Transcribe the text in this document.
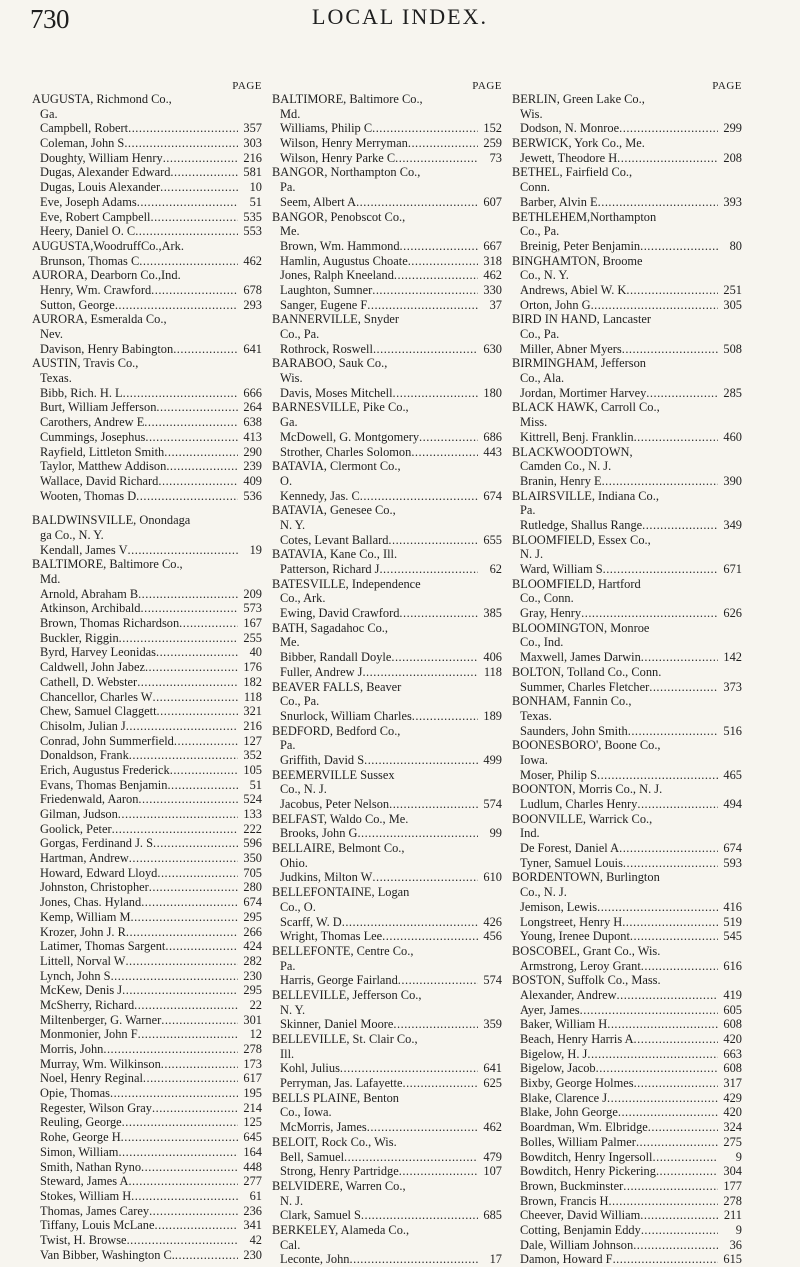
730	LOCAL INDEX.
PAGE
AUGUSTA, Richmond Co.,
Ga.
Campbell, Robert .....	357
Coleman, John S .....	303
Doughty, William Henry .....	216
Dugas, Alexander Edward .....	581
Dugas, Louis Alexander .....	10
Eve, Joseph Adams .....	51
Eve, Robert Campbell .....	535
Heery, Daniel O. C .....	553
AUGUSTA,WoodruffCo.,Ark.
Brunson, Thomas C .....	462
AURORA, Dearborn Co.,Ind.
Henry, Wm. Crawford .....	678
Sutton, George .....	293
AURORA, Esmeralda Co.,
Nev.
Davison, Henry Babington .....	641
AUSTIN, Travis Co.,
Texas.
Bibb, Rich. H. L .....	666
Burt, William Jefferson .....	264
Carothers, Andrew E .....	638
Cummings, Josephus .....	413
Rayfield, Littleton Smith .....	290
Taylor, Matthew Addison .....	239
Wallace, David Richard .....	409
Wooten, Thomas D .....	536
BALDWINSVILLE, Onondaga
ga Co., N. Y.
Kendall, James V .....	19
BALTIMORE, Baltimore Co.,
Md.
Arnold, Abraham B .....	209
Atkinson, Archibald .....	573
Brown, Thomas Richardson .....	167
Buckler, Riggin .....	255
Byrd, Harvey Leonidas .....	40
Caldwell, John Jabez .....	176
Cathell, D. Webster .....	182
Chancellor, Charles W .....	118
Chew, Samuel Claggett .....	321
Chisolm, Julian J .....	216
Conrad, John Summerfield .....	127
Donaldson, Frank .....	352
Erich, Augustus Frederick .....	105
Evans, Thomas Benjamin .....	51
Friedenwald, Aaron .....	524
Gilman, Judson .....	133
Goolick, Peter .....	222
Gorgas, Ferdinand J. S .....	596
Hartman, Andrew .....	350
Howard, Edward Lloyd .....	705
Johnston, Christopher .....	280
Jones, Chas. Hyland .....	674
Kemp, William M .....	295
Krozer, John J. R .....	266
Latimer, Thomas Sargent .....	424
Littell, Norval W .....	282
Lynch, John S .....	230
McKew, Denis J .....	295
McSherry, Richard .....	22
Miltenberger, G. Warner .....	301
Monmonier, John F .....	12
Morris, John .....	278
Murray, Wm. Wilkinson .....	173
Noel, Henry Reginal .....	617
Opie, Thomas .....	195
Regester, Wilson Gray .....	214
Reuling, George .....	125
Rohe, George H .....	645
Simon, William .....	164
Smith, Nathan Ryno .....	448
Steward, James A .....	277
Stokes, William H .....	61
Thomas, James Carey .....	236
Tiffany, Louis McLane .....	341
Twist, H. Browse .....	42
Van Bibber, Washington C. .....	230
PAGE
BALTIMORE, Baltimore Co.,
Md.
Williams, Philip C .....	152
Wilson, Henry Merryman .....	259
Wilson, Henry Parke C .....	73
BANGOR, Northampton Co.,
Pa.
Seem, Albert A .....	607
BANGOR, Penobscot Co.,
Me.
Brown, Wm. Hammond .....	667
Hamlin, Augustus Choate .....	318
Jones, Ralph Kneeland .....	462
Laughton, Sumner .....	330
Sanger, Eugene F .....	37
BANNERVILLE, Snyder
Co., Pa.
Rothrock, Roswell .....	630
BARABOO, Sauk Co.,
Wis.
Davis, Moses Mitchell .....	180
BARNESVILLE, Pike Co.,
Ga.
McDowell, G. Montgomery .....	686
Strother, Charles Solomon .....	443
BATAVIA, Clermont Co.,
O.
Kennedy, Jas. C .....	674
BATAVIA, Genesee Co.,
N. Y.
Cotes, Levant Ballard .....	655
BATAVIA, Kane Co., Ill.
Patterson, Richard J .....	62
BATESVILLE, Independence
Co., Ark.
Ewing, David Crawford .....	385
BATH, Sagadahoc Co.,
Me.
Bibber, Randall Doyle .....	406
Fuller, Andrew J .....	118
BEAVER FALLS, Beaver
Co., Pa.
Snurlock, William Charles .....	189
BEDFORD, Bedford Co.,
Pa.
Griffith, David S .....	499
BEEMERVILLE Sussex
Co., N. J.
Jacobus, Peter Nelson .....	574
BELFAST, Waldo Co., Me.
Brooks, John G .....	99
BELLAIRE, Belmont Co.,
Ohio.
Judkins, Milton W .....	610
BELLEFONTAINE, Logan
Co., O.
Scarff, W. D .....	426
Wright, Thomas Lee .....	456
BELLEFONTE, Centre Co.,
Pa.
Harris, George Fairland .....	574
BELLEVILLE, Jefferson Co.,
N. Y.
Skinner, Daniel Moore .....	359
BELLEVILLE, St. Clair Co.,
Ill.
Kohl, Julius .....	641
Perryman, Jas. Lafayette .....	625
BELLS PLAINE, Benton
Co., Iowa.
McMorris, James .....	462
BELOIT, Rock Co., Wis.
Bell, Samuel .....	479
Strong, Henry Partridge .....	107
BELVIDERE, Warren Co.,
N. J.
Clark, Samuel S .....	685
BERKELEY, Alameda Co.,
Cal.
Leconte, John .....	17
PAGE
BERLIN, Green Lake Co.,
Wis.
Dodson, N. Monroe .....	299
BERWICK, York Co., Me.
Jewett, Theodore H .....	208
BETHEL, Fairfield Co.,
Conn.
Barber, Alvin E .....	393
BETHLEHEM,Northampton
Co., Pa.
Breinig, Peter Benjamin .....	80
BINGHAMTON, Broome
Co., N. Y.
Andrews, Abiel W. K .....	251
Orton, John G .....	305
BIRD IN HAND, Lancaster
Co., Pa.
Miller, Abner Myers .....	508
BIRMINGHAM, Jefferson
Co., Ala.
Jordan, Mortimer Harvey .....	285
BLACK HAWK, Carroll Co.,
Miss.
Kittrell, Benj. Franklin .....	460
BLACKWOODTOWN,
Camden Co., N. J.
Branin, Henry E .....	390
BLAIRSVILLE, Indiana Co.,
Pa.
Rutledge, Shallus Range .....	349
BLOOMFIELD, Essex Co.,
N. J.
Ward, William S .....	671
BLOOMFIELD, Hartford
Co., Conn.
Gray, Henry .....	626
BLOOMINGTON, Monroe
Co., Ind.
Maxwell, James Darwin .....	142
BOLTON, Tolland Co., Conn.
Summer, Charles Fletcher .....	373
BONHAM, Fannin Co.,
Texas.
Saunders, John Smith .....	516
BOONESBORO', Boone Co.,
Iowa.
Moser, Philip S .....	465
BOONTON, Morris Co., N. J.
Ludlum, Charles Henry .....	494
BOONVILLE, Warrick Co.,
Ind.
De Forest, Daniel A .....	674
Tyner, Samuel Louis .....	593
BORDENTOWN, Burlington
Co., N. J.
Jemison, Lewis .....	416
Longstreet, Henry H .....	519
Young, Irenee Dupont .....	545
BOSCOBEL, Grant Co., Wis.
Armstrong, Leroy Grant .....	616
BOSTON, Suffolk Co., Mass.
Alexander, Andrew .....	419
Ayer, James .....	605
Baker, William H .....	608
Beach, Henry Harris A .....	420
Bigelow, H. J .....	663
Bigelow, Jacob .....	608
Bixby, George Holmes .....	317
Blake, Clarence J .....	429
Blake, John George .....	420
Boardman, Wm. Elbridge .....	324
Bolles, William Palmer .....	275
Bowditch, Henry Ingersoll .....	9
Bowditch, Henry Pickering .....	304
Brown, Buckminster .....	177
Brown, Francis H .....	278
Cheever, David William .....	211
Cotting, Benjamin Eddy .....	9
Dale, William Johnson .....	36
Damon, Howard F .....	615
